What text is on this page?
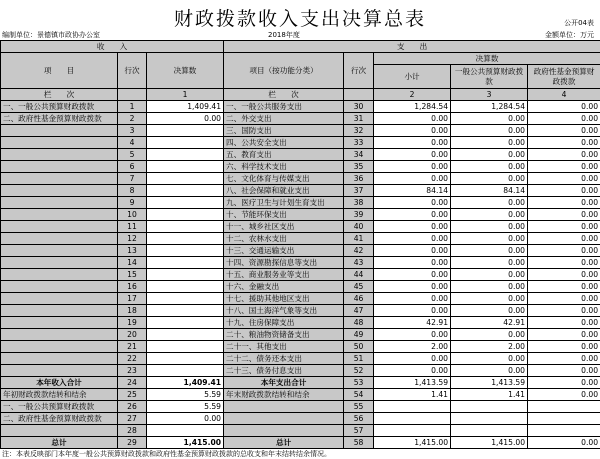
财政拨款收入支出决算总表	公开04表
编制单位：景德镇市政协办公室	2018年度	金额单位：万元
收　　入			支　　出				
项　　目	行次	决算数	项目（按功能分类）	行次	决算数		
					小计	一般公共预算财政拨款	政府性基金预算财政拨款
栏　　次		1	栏　　次		2	3	4
一、一般公共预算财政拨款	1	1,409.41	一、一般公共服务支出	30	1,284.54	1,284.54	0.00
二、政府性基金预算财政拨款	2	0.00	二、外交支出	31	0.00	0.00	0.00
	3		三、国防支出	32	0.00	0.00	0.00
	4		四、公共安全支出	33	0.00	0.00	0.00
	5		五、教育支出	34	0.00	0.00	0.00
	6		六、科学技术支出	35	0.00	0.00	0.00
	7		七、文化体育与传媒支出	36	0.00	0.00	0.00
	8		八、社会保障和就业支出	37	84.14	84.14	0.00
	9		九、医疗卫生与计划生育支出	38	0.00	0.00	0.00
	10		十、节能环保支出	39	0.00	0.00	0.00
	11		十一、城乡社区支出	40	0.00	0.00	0.00
	12		十二、农林水支出	41	0.00	0.00	0.00
	13		十三、交通运输支出	42	0.00	0.00	0.00
	14		十四、资源勘探信息等支出	43	0.00	0.00	0.00
	15		十五、商业服务业等支出	44	0.00	0.00	0.00
	16		十六、金融支出	45	0.00	0.00	0.00
	17		十七、援助其他地区支出	46	0.00	0.00	0.00
	18		十八、国土海洋气象等支出	47	0.00	0.00	0.00
	19		十九、住房保障支出	48	42.91	42.91	0.00
	20		二十、粮油物资储备支出	49	0.00	0.00	0.00
	21		二十一、其他支出	50	2.00	2.00	0.00
	22		二十二、债务还本支出	51	0.00	0.00	0.00
	23		二十三、债务付息支出	52	0.00	0.00	0.00
本年收入合计	24	1,409.41	本年支出合计	53	1,413.59	1,413.59	0.00
年初财政拨款结转和结余	25	5.59	年末财政拨款结转和结余	54	1.41	1.41	0.00
一、一般公共预算财政拨款	26	5.59		55			
二、政府性基金预算财政拨款	27	0.00		56			
	28			57			
总计	29	1,415.00	总计	58	1,415.00	1,415.00	0.00
注：本表反映部门本年度一般公共预算财政拨款和政府性基金预算财政拨款的总收支和年末结转结余情况。
